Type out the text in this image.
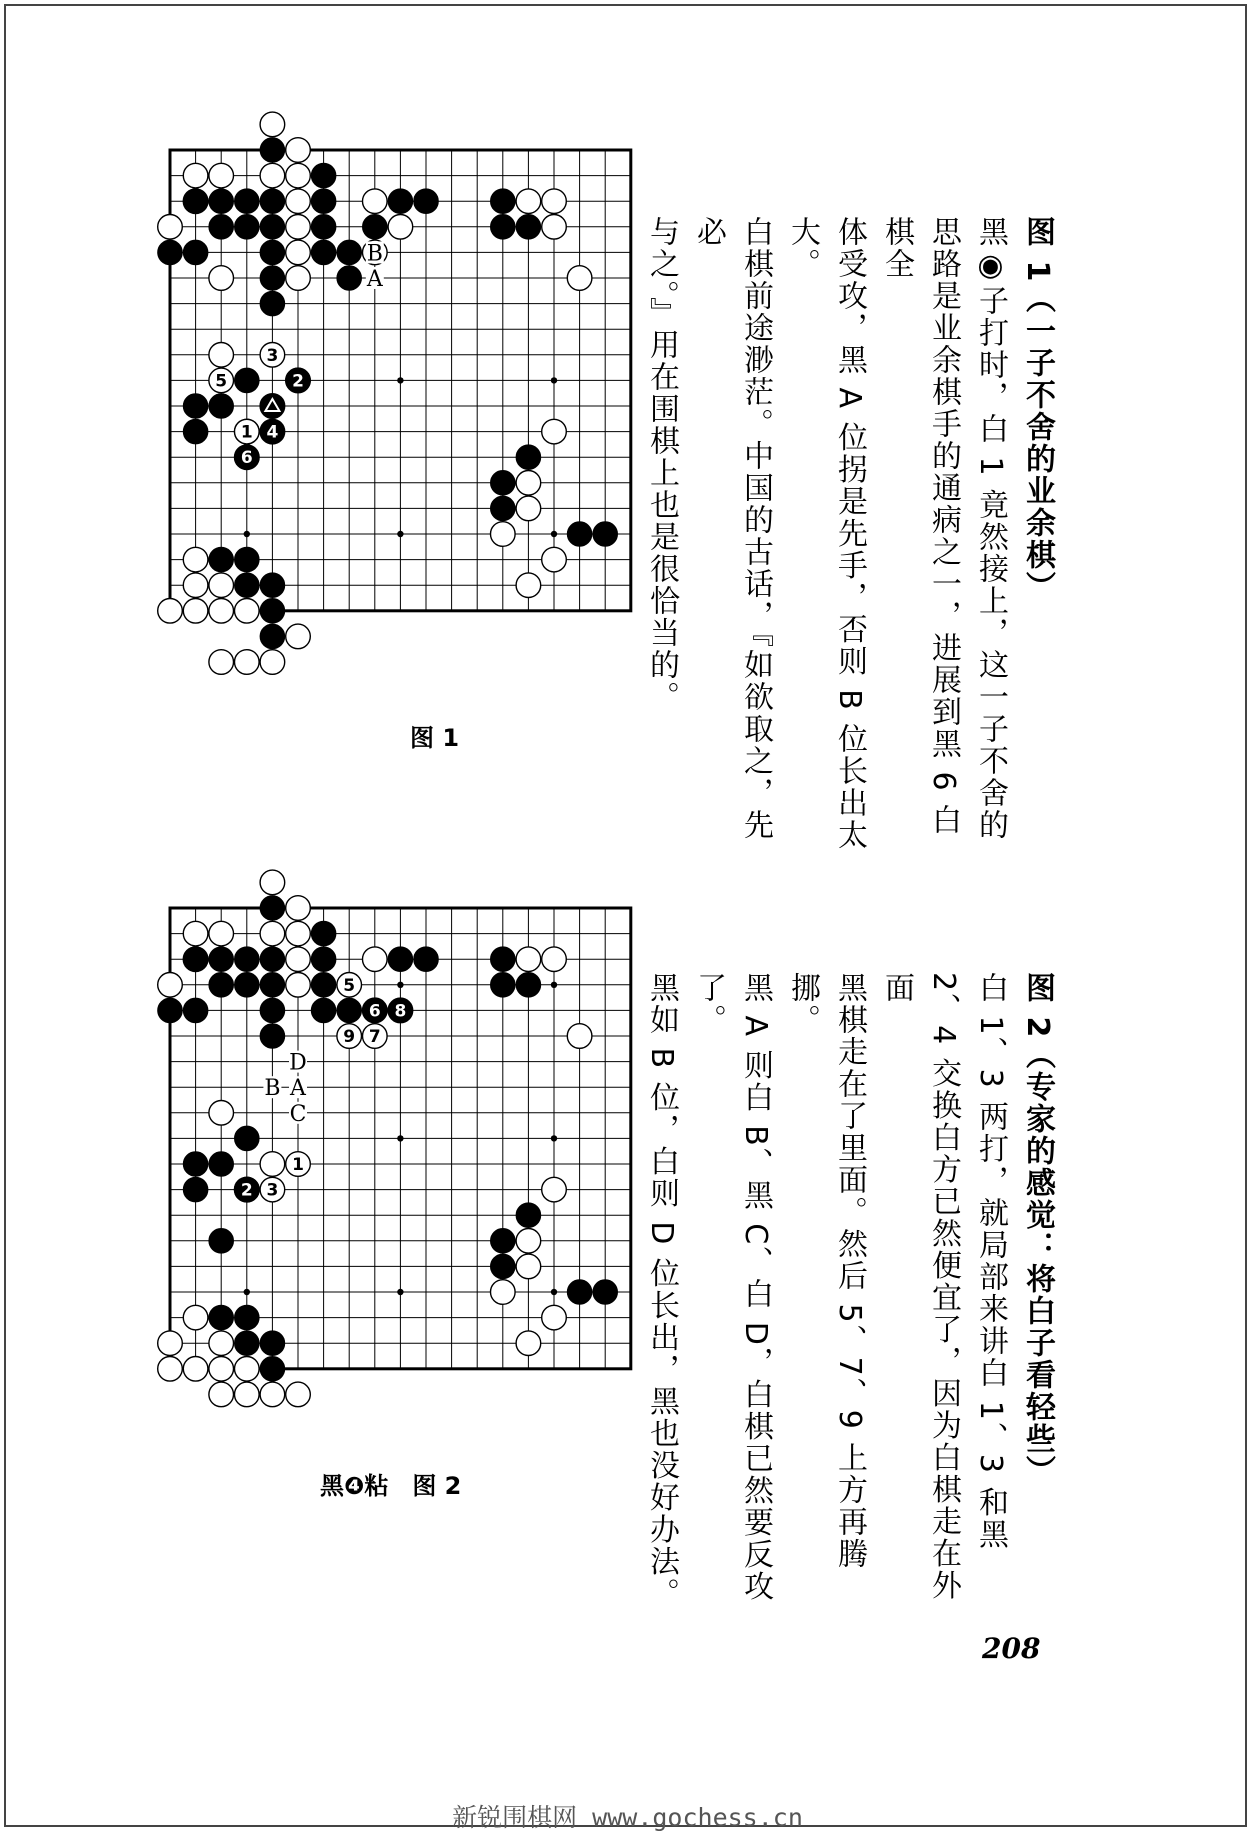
3
5	2
1 4
6
A
B
图 1
5
6 8
9 7
1
2 3
D
B A
C
黑❹粘　图 2
图 1（一子不舍的业余棋）
黑◉子打时，白 1 竟然接上，这一子不舍的
思路是业余棋手的通病之一，进展到黑 6 白棋全
体受攻，黑 A 位拐是先手，否则 B 位长出太大。
白棋前途渺茫。中国的古话，『如欲取之，先必
与之。』用在围棋上也是很恰当的。
图 2（专家的感觉：将白子看轻些）
白 1、3 两打，就局部来讲白 1、3 和黑
2、4 交换白方已然便宜了，因为白棋走在外面
黑棋走在了里面。然后 5、7、9 上方再腾挪。
黑 A 则白 B、黑 C、白 D，白棋已然要反攻了。
黑如 B 位，白则 D 位长出，黑也没好办法。
208
新锐围棋网 www.gochess.cn
